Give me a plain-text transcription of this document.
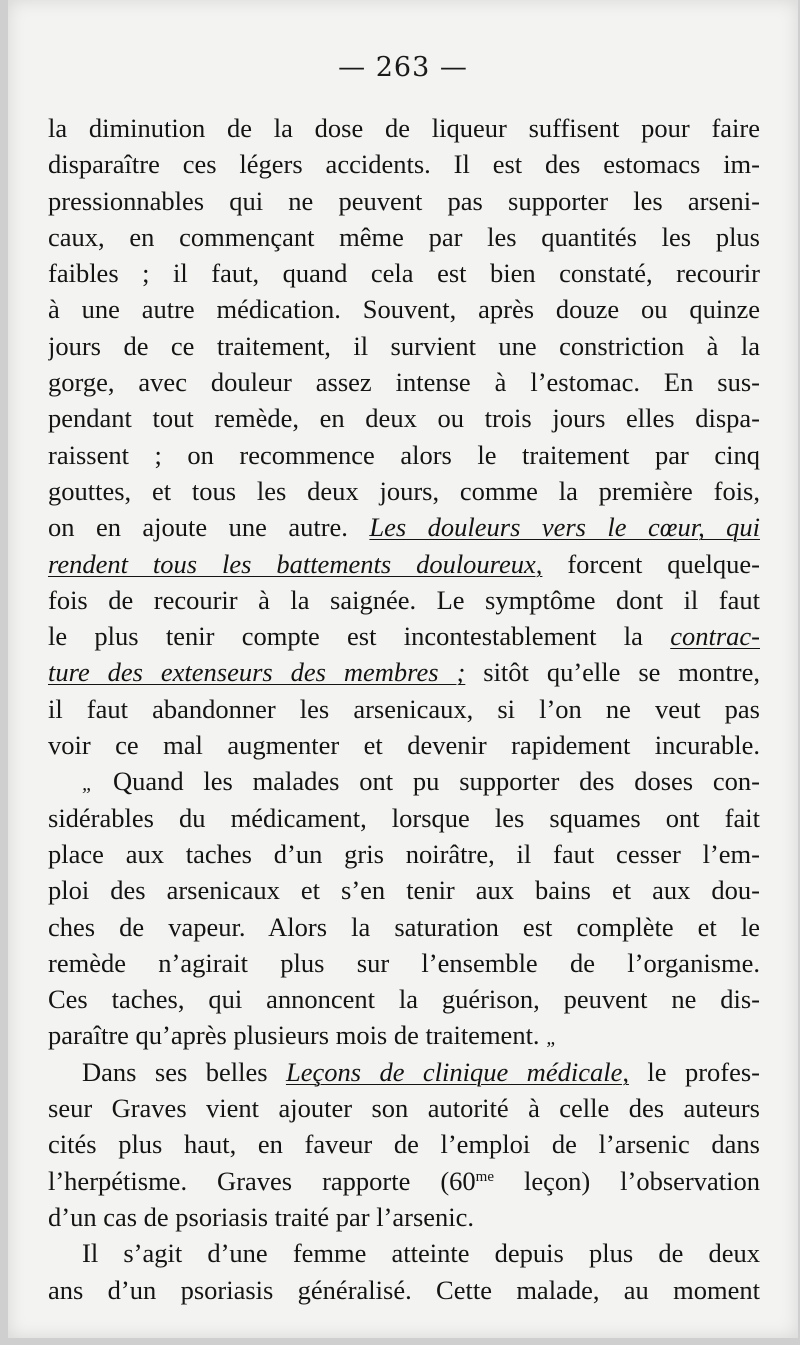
— 263 —
la diminution de la dose de liqueur suffisent pour faire
disparaître ces légers accidents. Il est des estomacs im-
pressionnables qui ne peuvent pas supporter les arseni-
caux, en commençant même par les quantités les plus
faibles ; il faut, quand cela est bien constaté, recourir
à une autre médication. Souvent, après douze ou quinze
jours de ce traitement, il survient une constriction à la
gorge, avec douleur assez intense à l’estomac. En sus-
pendant tout remède, en deux ou trois jours elles dispa-
raissent ; on recommence alors le traitement par cinq
gouttes, et tous les deux jours, comme la première fois,
on en ajoute une autre. Les douleurs vers le cœur, qui
rendent tous les battements douloureux, forcent quelque-
fois de recourir à la saignée. Le symptôme dont il faut
le plus tenir compte est incontestablement la contrac-
ture des extenseurs des membres ; sitôt qu’elle se montre,
il faut abandonner les arsenicaux, si l’on ne veut pas
voir ce mal augmenter et devenir rapidement incurable.
„ Quand les malades ont pu supporter des doses con-
sidérables du médicament, lorsque les squames ont fait
place aux taches d’un gris noirâtre, il faut cesser l’em-
ploi des arsenicaux et s’en tenir aux bains et aux dou-
ches de vapeur. Alors la saturation est complète et le
remède n’agirait plus sur l’ensemble de l’organisme.
Ces taches, qui annoncent la guérison, peuvent ne dis-
paraître qu’après plusieurs mois de traitement. „
Dans ses belles Leçons de clinique médicale, le profes-
seur Graves vient ajouter son autorité à celle des auteurs
cités plus haut, en faveur de l’emploi de l’arsenic dans
l’herpétisme. Graves rapporte ($60^{me}$ leçon) l’observation
d’un cas de psoriasis traité par l’arsenic.
Il s’agit d’une femme atteinte depuis plus de deux
ans d’un psoriasis généralisé. Cette malade, au moment
